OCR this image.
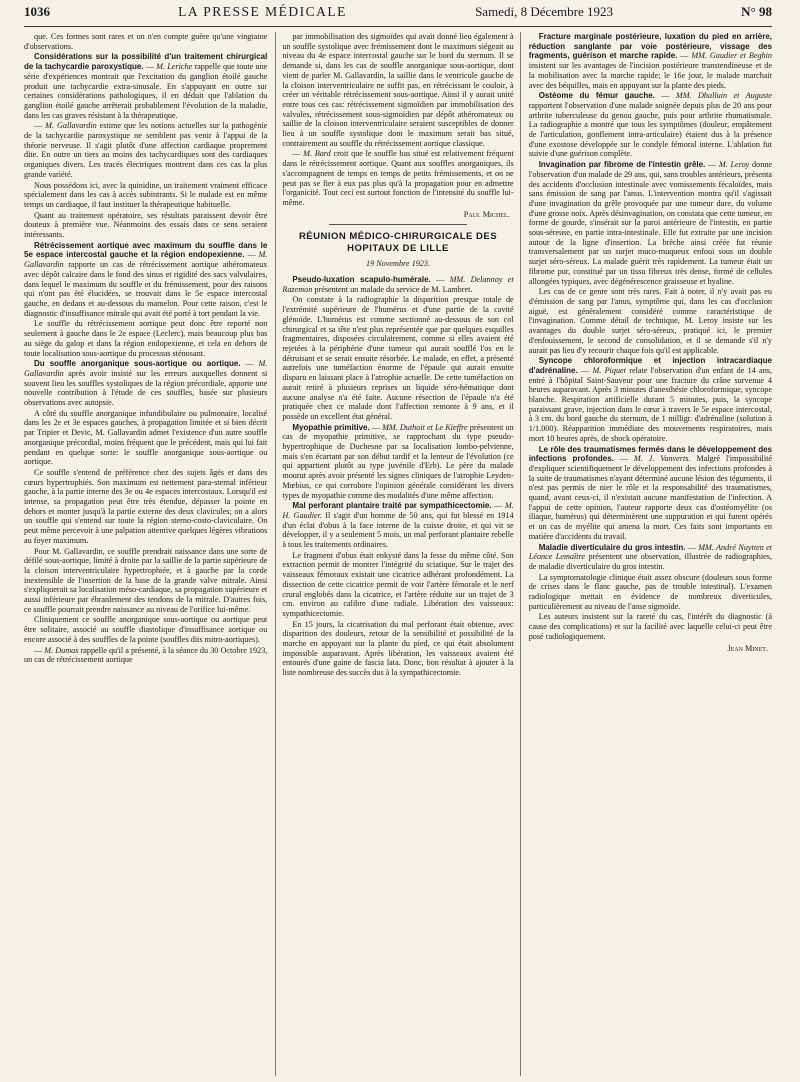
1036	LA PRESSE MÉDICALE	Samedi, 8 Décembre 1923	N° 98

que. Ces formes sont rares et on n'en compte guère qu'une vingtaine d'observations.

Considérations sur la possibilité d'un traitement chirurgical de la tachycardie paroxystique. — M. Leriche rappelle que toute une série d'expériences montrait que l'excitation du ganglion étoilé gauche produit une tachycardie extra-sinusale. En s'appuyant en outre sur certaines considérations pathologiques, il en déduit que l'ablation du ganglion étoilé gauche arrêterait probablement l'évolution de la maladie, dans les cas graves résistant à la thérapeutique.

— M. Gallavardin estime que les notions actuelles sur la pathogénie de la tachycardie paroxystique ne semblent pas venir à l'appui de la théorie nerveuse. Il s'agit plutôt d'une affection cardiaque proprement dite. En outre un tiers au moins des tachycardiques sont des cardiaques organiques divers. Les tracés électriques montrent dans ces cas la plus grande variété.

Nous possédons ici, avec la quinidine, un traitement vraiment efficace spécialement dans les cas à accès subintrants. Si le malade est en même temps un cardiaque, il faut instituer la thérapeutique habituelle.

Quant au traitement opératoire, ses résultats paraissent devoir être douteux à première vue. Néanmoins des essais dans ce sens seraient intéressants.

Rétrécissement aortique avec maximum du souffle dans le 5e espace intercostal gauche et la région endopexienne. — M. Gallavardin rapporte un cas de rétrécissement aortique athéromateux avec dépôt calcaire dans le fond des sinus et rigidité des sacs valvulaires, dans lequel le maximum du souffle et du frémissement, pour des raisons qui n'ont pas été élucidées, se trouvait dans le 5e espace intercostal gauche, en dedans et au-dessous du mamelon. Pour cette raison, c'est le diagnostic d'insuffisance mitrale qui avait été porté à tort pendant la vie.

Le souffle du rétrécissement aortique peut donc être reporté non seulement à gauche dans le 2e espace (Leclerc), mais beaucoup plus bas au siège du galop et dans la région endopexienne, et cela en dehors de toute localisation sous-aortique du processus sténosant.

Du souffle anorganique sous-aortique ou aortique. — M. Gallavardin après avoir insisté sur les erreurs auxquelles donnent si souvent lieu les souffles systoliques de la région précordiale, apporte une nouvelle contribution à l'étude de ces souffles, basée sur plusieurs observations avec autopsie.

A côté du souffle anorganique infundibulaire ou pulmonaire, localisé dans les 2e et 3e espaces gauches, à propagation limitée et si bien décrit par Tripier et Devic, M. Gallavardin admet l'existence d'un autre souffle anorganique précordial, moins fréquent que le précédent, mais qui lui fait pendant en quelque sorte: le souffle anorganique sous-aortique ou aortique.

Ce souffle s'entend de préférence chez des sujets âgés et dans des cœurs hypertrophiés. Son maximum est nettement para-sternal inférieur gauche, à la partie interne des 3e ou 4e espaces intercostaux. Lorsqu'il est intense, sa propagation peut être très étendue, dépasser la pointe en dehors et monter jusqu'à la partie externe des deux clavicules; on a alors un souffle qui s'entend sur toute la région sterno-costo-claviculaire. On peut même percevoir à une palpation attentive quelques légères vibrations au foyer maximum.

Pour M. Gallavardin, ce souffle prendrait naissance dans une sorte de défilé sous-aortique, limité à droite par la saillie de la partie supérieure de la cloison interventriculaire hypertrophiée, et à gauche par la corde inextensible de l'insertion de la base de la grande valve mitrale. Ainsi s'expliquerait sa localisation méso-cardiaque, sa propagation supérieure et aussi inférieure par ébranlement des tendons de la mitrale. D'autres fois, ce souffle pourrait prendre naissance au niveau de l'orifice lui-même.

Cliniquement ce souffle anorganique sous-aortique ou aortique peut être solitaire, associé au souffle diastolique d'insuffisance aortique ou encore associé à des souffles de la pointe (souffles dits mitro-aortiques).

— M. Dumas rappelle qu'il a présenté, à la séance du 30 Octobre 1923, un cas de rétrécissement aortique

par immobilisation des sigmoïdes qui avait donné lieu également à un souffle systolique avec frémissement dont le maximum siégeait au niveau du 4e espace intercostal gauche sur le bord du sternum. Il se demande si, dans les cas de souffle anorganique sous-aortique, dont vient de parler M. Gallavardin, la saillie dans le ventricule gauche de la cloison interventriculaire ne suffit pas, en rétrécissant le couloir, à créer un véritable rétrécissement sous-aortique. Ainsi il y aurait unité entre tous ces cas: rétrécissement sigmoïdien par immobilisation des valvules, rétrécissement sous-sigmoïdien par dépôt athéromateux ou saillie de la cloison interventriculaire seraient susceptibles de donner lieu à un souffle systolique dont le maximum serait bas situé, contrairement au souffle du rétrécissement aortique classique.

— M. Bard croit que le souffle bas situé est relativement fréquent dans le rétrécissement aortique. Quant aux souffles anorganiques, ils s'accompagnent de temps en temps de petits frémissements, et on ne peut pas se fier à eux pas plus qu'à la propagation pour en admettre l'organicité. Tout ceci est surtout fonction de l'intensité du souffle lui-même.

Paul Michel.
RÉUNION MÉDICO-CHIRURGICALE DES HOPITAUX DE LILLE
19 Novembre 1923.

Pseudo-luxation scapulo-humérale. — MM. Delannoy et Razemon présentent un malade du service de M. Lambret.

On constate à la radiographie la disparition presque totale de l'extrémité supérieure de l'humérus et d'une partie de la cavité glénoïde. L'humérus est comme sectionné au-dessous de son col chirurgical et sa tête n'est plus représentée que par quelques esquilles fragmentaires, disposées circulairement, comme si elles avaient été rejetées à la périphérie d'une tumeur qui aurait soufflé l'os en le détruisant et se serait ensuite résorbée. Le malade, en effet, a présenté autrefois une tuméfaction énorme de l'épaule qui aurait ensuite disparu en laissant place à l'atrophie actuelle. De cette tuméfaction on aurait retiré à plusieurs reprises un liquide séro-hématique dont aucune analyse n'a été faite. Aucune résection de l'épaule n'a été pratiquée chez ce malade dont l'affection remonte à 9 ans, et il possède un excellent état général.

Myopathie primitive. — MM. Duthoit et Le Kieffre présentent un cas de myopathie primitive, se rapprochant du type pseudo-hypertrophique de Duchesne par sa localisation lombo-pelvienne, mais s'en écartant par son début tardif et la lenteur de l'évolution (ce qui appartient plutôt au type juvénile d'Erb). Le père du malade mourut après avoir présenté les signes cliniques de l'atrophie Leyden-Mœbius, ce qui corrobore l'opinion générale considérant les divers types de myopathie comme des modalités d'une même affection.

Mal perforant plantaire traité par sympathicectomie. — M. H. Gaudier. Il s'agit d'un homme de 50 ans, qui fut blessé en 1914 d'un éclat d'obus à la face interne de la cuisse droite, et qui vit se développer, il y a seulement 5 mois, un mal perforant plantaire rebelle à tous les traitements ordinaires.

Le fragment d'obus était enkysté dans la fesse du même côté. Son extraction permit de montrer l'intégrité du sciatique. Sur le trajet des vaisseaux fémoraux existait une cicatrice adhérant profondément. La dissection de cette cicatrice permit de voir l'artère fémorale et le nerf crural englobés dans la cicatrice, et l'artère réduite sur un trajet de 3 cm. environ au calibre d'une radiale. Libération des vaisseaux: sympathicectomie.

En 15 jours, la cicatrisation du mal perforant était obtenue, avec disparition des douleurs, retour de la sensibilité et possibilité de la marche en appuyant sur la plante du pied, ce qui était absolument impossible auparavant. Après libération, les vaisseaux avaient été entourés d'une gaine de fascia lata. Donc, bon résultat à ajouter à la liste nombreuse des succès dus à la sympathicectomie.

Fracture marginale postérieure, luxation du pied en arrière, réduction sanglante par voie postérieure, vissage des fragments, guérison et marche rapide. — MM. Gaudier et Beghin insistent sur les avantages de l'incision postérieure transtendineuse et de la mobilisation avec la marche rapide; le 16e jour, le malade marchait avec des béquilles, mais en appuyant sur la plante des pieds.

Ostéome du fémur gauche. — MM. Dhalluin et Auguste rapportent l'observation d'une malade soignée depuis plus de 20 ans pour arthrite tuberculeuse du genou gauche, puis pour arthrite rhumatismale. La radiographie a montré que tous les symptômes (douleur, empâtement de l'articulation, gonflement intra-articulaire) étaient dus à la présence d'une exostose développée sur le condyle fémoral interne. L'ablation fut suivie d'une guérison complète.

Invagination par fibrome de l'intestin grêle. — M. Leroy donne l'observation d'un malade de 29 ans, qui, sans troubles antérieurs, présenta des accidents d'occlusion intestinale avec vomissements fécaloïdes, mais sans émission de sang par l'anus. L'intervention montra qu'il s'agissait d'une invagination du grêle provoquée par une tumeur dure, du volume d'une grosse noix. Après désinvagination, on constata que cette tumeur, en forme de gourde, s'insérait sur la paroi antérieure de l'intestin, en partie sous-séreuse, en partie intra-intestinale. Elle fut extraite par une incision autour de la ligne d'insertion. La brèche ainsi créée fut réunie transversalement par un surjet muco-muqueux enfoui sous un double surjet séro-séreux. La malade guérit très rapidement. La tumeur était un fibrome pur, constitué par un tissu fibreux très dense, formé de cellules allongées typiques, avec dégénérescence graisseuse et hyaline.

Les cas de ce genre sont très rares. Fait à noter, il n'y avait pas eu d'émission de sang par l'anus, symptôme qui, dans les cas d'occlusion aiguë, est généralement considéré comme caractéristique de l'invagination. Comme détail de technique, M. Leroy insiste sur les avantages du double surjet séro-séreux, pratiqué ici, le premier d'enfouissement, le second de consolidation, et il se demande s'il n'y aurait pas lieu d'y recourir chaque fois qu'il est applicable.

Syncope chloroformique et injection intracardiaque d'adrénaline. — M. Piquet relate l'observation d'un enfant de 14 ans, entré à l'hôpital Saint-Sauveur pour une fracture du crâne survenue 4 heures auparavant. Après 3 minutes d'anesthésie chloroformique, syncope blanche. Respiration artificielle durant 5 minutes, puis, la syncope paraissant grave, injection dans le cœur à travers le 5e espace intercostal, à 3 cm. du bord gauche du sternum, de 1 milligr. d'adrénaline (solution à 1/1.000). Réapparition immédiate des mouvements respiratoires, mais mort 10 heures après, de shock opératoire.

Le rôle des traumatismes fermés dans le développement des infections profondes. — M. J. Vanverts. Malgré l'impossibilité d'expliquer scientifiquement le développement des infections profondes à la suite de traumatismes n'ayant déterminé aucune lésion des téguments, il n'est pas permis de nier le rôle et la responsabilité des traumatismes, quand, avant ceux-ci, il n'existait aucune manifestation de l'infection. A l'appui de cette opinion, l'auteur rapporte deux cas d'ostéomyélite (os iliaque, humérus) qui déterminèrent une suppuration et qui furent opérés et un cas de myélite qui amena la mort. Ces faits sont importants en matière d'accidents du travail.

Maladie diverticulaire du gros intestin. — MM. André Nuytten et Léonce Lemaître présentent une observation, illustrée de radiographies, de maladie diverticulaire du gros intestin.

La symptomatologie clinique était assez obscure (douleurs sous forme de crises dans le flanc gauche, pas de trouble intestinal). L'examen radiologique mettait en évidence de nombreux diverticules, particulièrement au niveau de l'anse sigmoïde.

Les auteurs insistent sur la rareté du cas, l'intérêt du diagnostic (à cause des complications) et sur la facilité avec laquelle celui-ci peut être posé radiologiquement.

Jean Minet.
